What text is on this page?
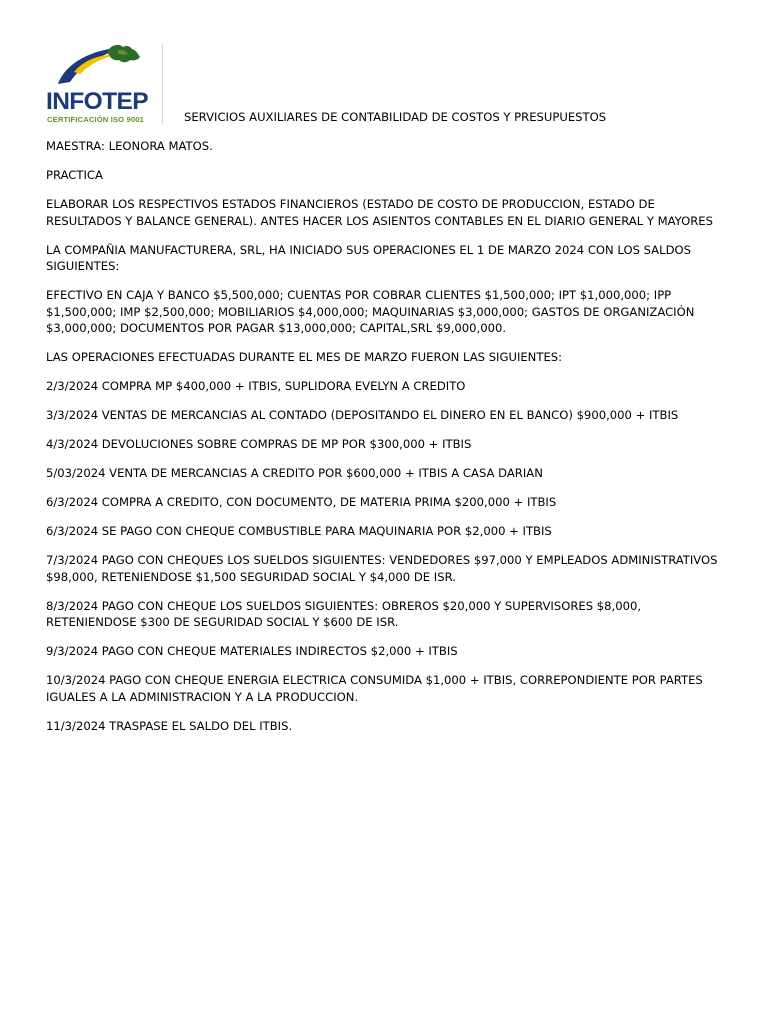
INFOTEP
CERTIFICACIÓN ISO 9001	SERVICIOS AUXILIARES DE CONTABILIDAD DE COSTOS Y PRESUPUESTOS

MAESTRA: LEONORA MATOS.

PRACTICA

ELABORAR LOS RESPECTIVOS ESTADOS FINANCIEROS (ESTADO DE COSTO DE PRODUCCION, ESTADO DE RESULTADOS Y BALANCE GENERAL). ANTES HACER LOS ASIENTOS CONTABLES EN EL DIARIO GENERAL Y MAYORES

LA COMPAÑIA MANUFACTURERA, SRL, HA INICIADO SUS OPERACIONES EL 1 DE MARZO 2024 CON LOS SALDOS SIGUIENTES:

EFECTIVO EN CAJA Y BANCO $5,500,000; CUENTAS POR COBRAR CLIENTES $1,500,000; IPT $1,000,000; IPP $1,500,000; IMP $2,500,000; MOBILIARIOS $4,000,000; MAQUINARIAS $3,000,000; GASTOS DE ORGANIZACIÓN $3,000,000; DOCUMENTOS POR PAGAR $13,000,000; CAPITAL,SRL $9,000,000.

LAS OPERACIONES EFECTUADAS DURANTE EL MES DE MARZO FUERON LAS SIGUIENTES:

2/3/2024 COMPRA MP $400,000 + ITBIS, SUPLIDORA EVELYN A CREDITO

3/3/2024 VENTAS DE MERCANCIAS AL CONTADO (DEPOSITANDO EL DINERO EN EL BANCO) $900,000 + ITBIS

4/3/2024 DEVOLUCIONES SOBRE COMPRAS DE MP POR $300,000 + ITBIS

5/03/2024 VENTA DE MERCANCIAS A CREDITO POR $600,000 + ITBIS A CASA DARIAN

6/3/2024 COMPRA A CREDITO, CON DOCUMENTO, DE MATERIA PRIMA $200,000 + ITBIS

6/3/2024 SE PAGO CON CHEQUE COMBUSTIBLE PARA MAQUINARIA POR $2,000 + ITBIS

7/3/2024 PAGO CON CHEQUES LOS SUELDOS SIGUIENTES: VENDEDORES $97,000 Y EMPLEADOS ADMINISTRATIVOS $98,000, RETENIENDOSE $1,500 SEGURIDAD SOCIAL Y $4,000 DE ISR.

8/3/2024 PAGO CON CHEQUE LOS SUELDOS SIGUIENTES: OBREROS $20,000 Y SUPERVISORES $8,000, RETENIENDOSE $300 DE SEGURIDAD SOCIAL Y $600 DE ISR.

9/3/2024 PAGO CON CHEQUE MATERIALES INDIRECTOS $2,000 + ITBIS

10/3/2024 PAGO CON CHEQUE ENERGIA ELECTRICA CONSUMIDA $1,000 + ITBIS, CORREPONDIENTE POR PARTES IGUALES A LA ADMINISTRACION Y A LA PRODUCCION.

11/3/2024 TRASPASE EL SALDO DEL ITBIS.
